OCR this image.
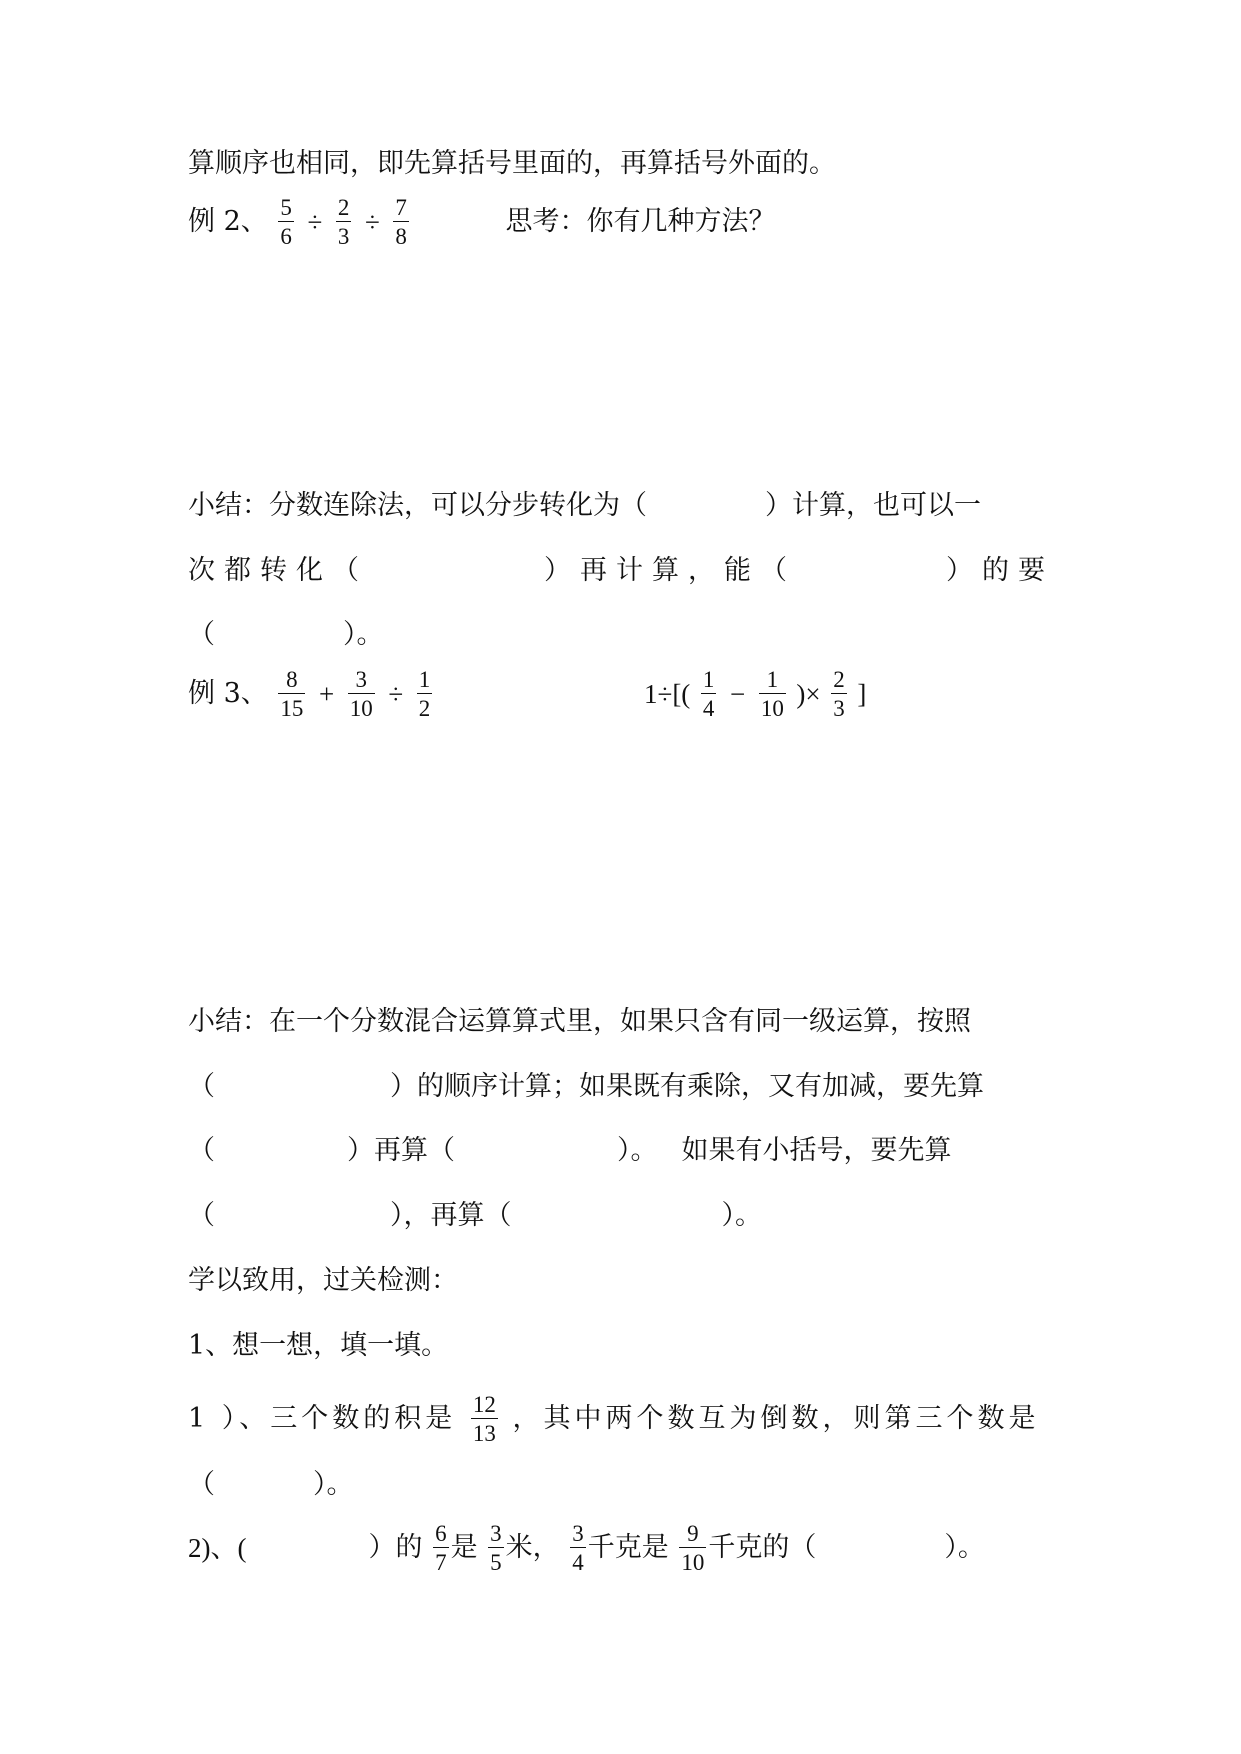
算顺序也相同，即先算括号里面的，再算括号外面的。
例 2、 $\frac{5}{6} \div \frac{2}{3} \div \frac{7}{8}$	思考：你有几种方法？
小结：分数连除法，可以分步转化为（	）计算，也可以一
次都转化（	）再计算，能（	）的要
（	）。
例 3、 $\frac{8}{15} + \frac{3}{10} \div \frac{1}{2}$	$1\div[( \frac{1}{4} - \frac{1}{10}$ )× $\frac{2}{3}$ ]
小结：在一个分数混合运算算式里，如果只含有同一级运算，按照
（	）的顺序计算；如果既有乘除，又有加减，要先算
（	）再算（	）。 如果有小括号，要先算
（	），再算（	）。
学以致用，过关检测：
1、想一想，填一填。
1 ）、三个数的积是 $\frac{12}{13}$ ，其中两个数互为倒数，则第三个数是
（	）。
2)、(	）的 $\frac{6}{7}$ 是 $\frac{3}{5}$ 米， $\frac{3}{4}$ 千克是 $\frac{9}{10}$ 千克的（	）。
